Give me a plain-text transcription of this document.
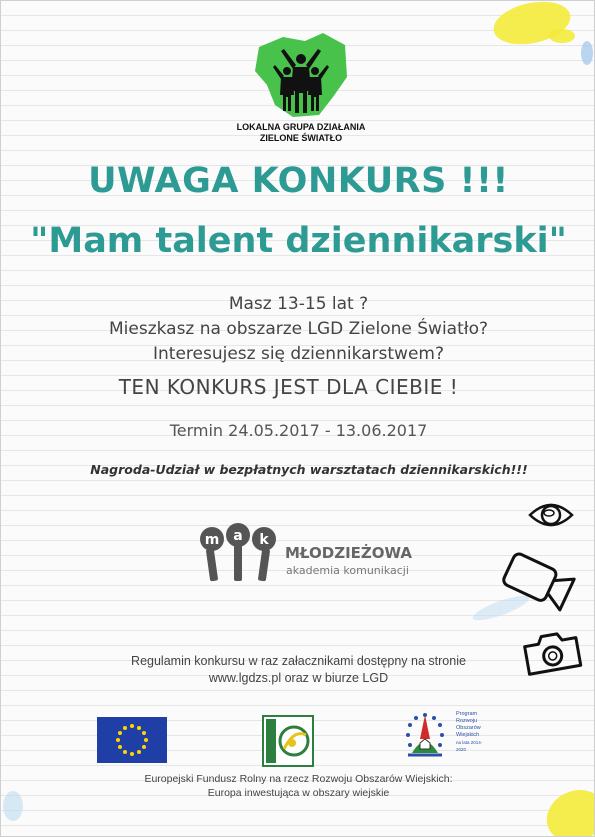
LOKALNA GRUPA DZIAŁANIA
ZIELONE ŚWIATŁO
UWAGA KONKURS !!!
"Mam talent dziennikarski"
Masz 13-15 lat ?
Mieszkasz na obszarze LGD Zielone Światło?
Interesujesz się dziennikarstwem?
TEN KONKURS JEST DLA CIEBIE !
Termin 24.05.2017 - 13.06.2017
Nagroda-Udział w bezpłatnych warsztatach dziennikarskich!!!
m a k
MŁODZIEŻOWA
akademia komunikacji
Regulamin konkursu w raz załacznikami dostępny na stronie
www.lgdzs.pl oraz w biurze LGD
Program
Rozwoju
Obszarów
Wiejskich
na lata 2014-2020
Europejski Fundusz Rolny na rzecz Rozwoju Obszarów Wiejskich:
Europa inwestująca w obszary wiejskie
